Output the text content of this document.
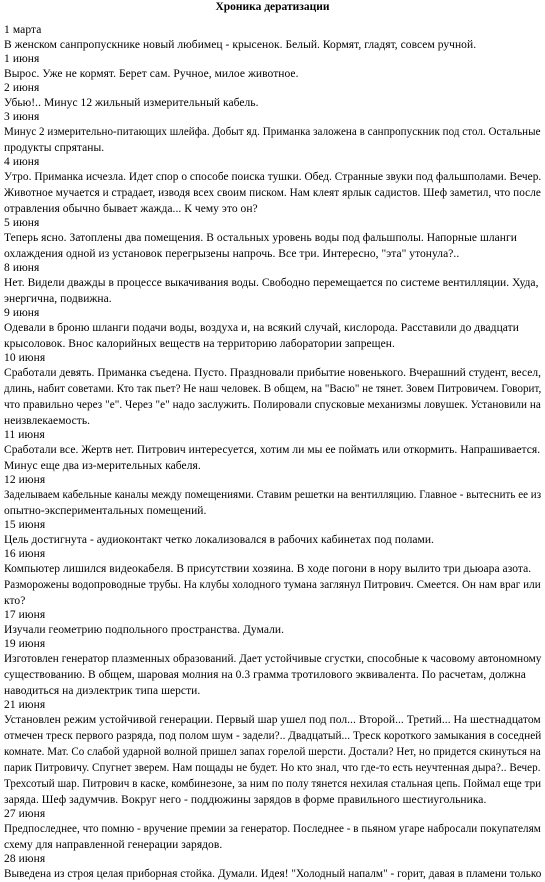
Хроника дератизации
1 марта
В женском санпропускнике новый любимец - крысенок. Белый. Кормят, гладят, совсем ручной.
1 июня
Вырос. Уже не кормят. Берет сам. Ручное, милое животное.
2 июня
Убью!.. Минус 12 жильный измерительный кабель.
3 июня
Минус 2 измерительно-питающих шлейфа. Добыт яд. Приманка заложена в санпропускник под стол. Остальные
продукты спрятаны.
4 июня
Утро. Приманка исчезла. Идет спор о способе поиска тушки. Обед. Странные звуки под фальшполами. Вечер.
Животное мучается и страдает, изводя всех своим писком. Нам клеят ярлык садистов. Шеф заметил, что после
отравления обычно бывает жажда... К чему это он?
5 июня
Теперь ясно. Затоплены два помещения. В остальных уровень воды под фальшполы. Напорные шланги
охлаждения одной из установок перегрызены напрочь. Все три. Интересно, "эта" утонула?..
8 июня
Нет. Видели дважды в процессе выкачивания воды. Свободно перемещается по системе вентилляции. Худа,
энергична, подвижна.
9 июня
Одевали в броню шланги подачи воды, воздуха и, на всякий случай, кислорода. Расставили до двадцати
крысоловок. Внос калорийных веществ на территорию лаборатории запрещен.
10 июня
Сработали девять. Приманка съедена. Пусто. Праздновали прибытие новенького. Вчерашний студент, весел,
длинь, набит советами. Кто так пьет? Не наш человек. В общем, на "Васю" не тянет. Зовем Питровичем. Говорит,
что правильно через "е". Через "е" надо заслужить. Полировали спусковые механизмы ловушек. Установили на
неизвлекаемость.
11 июня
Сработали все. Жертв нет. Питрович интересуется, хотим ли мы ее поймать или откормить. Напрашивается.
Минус еще два из-мерительных кабеля.
12 июня
Заделываем кабельные каналы между помещениями. Ставим решетки на вентилляцию. Главное - вытеснить ее из
опытно-экспериментальных помещений.
15 июня
Цель достигнута - аудиоконтакт четко локализовался в рабочих кабинетах под полами.
16 июня
Компьютер лишился видеокабеля. В присутствии хозяина. В ходе погони в нору вылито три дьюара азота.
Разморожены водопроводные трубы. На клубы холодного тумана заглянул Питрович. Смеется. Он нам враг или
кто?
17 июня
Изучали геометрию подпольного пространства. Думали.
19 июня
Изготовлен генератор плазменных образований. Дает устойчивые сгустки, способные к часовому автономному
существованию. В общем, шаровая молния на 0.3 грамма тротилового эквивалента. По расчетам, должна
наводиться на диэлектрик типа шерсти.
21 июня
Установлен режим устойчивой генерации. Первый шар ушел под пол... Второй... Третий... На шестнадцатом
отмечен треск первого разряда, под полом шум - задели?.. Двадцатый... Треск короткого замыкания в соседней
комнате. Мат. Со слабой ударной волной пришел запах горелой шерсти. Достали? Нет, но придется скинуться на
парик Питровичу. Спугнет зверем. Нам пощады не будет. Но кто знал, что где-то есть неучтенная дыра?.. Вечер.
Трехсотый шар. Питрович в каске, комбинезоне, за ним по полу тянется нехилая стальная цепь. Поймал еще три
заряда. Шеф задумчив. Вокруг него - поддюжины зарядов в форме правильного шестиугольника.
27 июня
Предпоследнее, что помню - вручение премии за генератор. Последнее - в пьяном угаре набросали покупателям
схему для направленной генерации зарядов.
28 июня
Выведена из строя целая приборная стойка. Думали. Идея! "Холодный напалм" - горит, давая в пламени только
